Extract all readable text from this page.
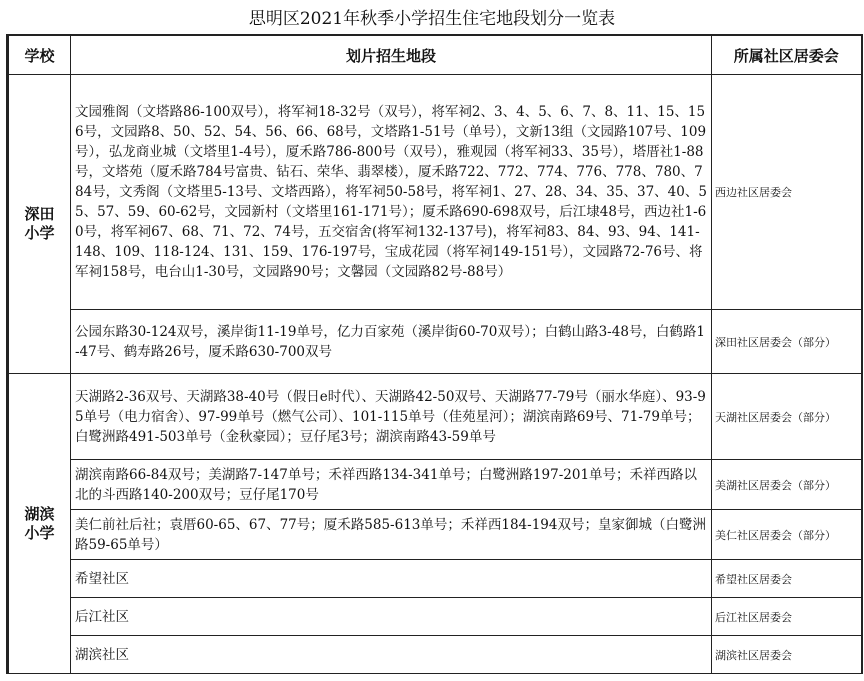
思明区2021年秋季小学招生住宅地段划分一览表
学校	划片招生地段	所属社区居委会
深田
小学	文园雅阁（文塔路86-100双号），将军祠18-32号（双号），将军祠2、3、4、5、6、7、8、11、15、156号，文园路8、50、52、54、56、66、68号，文塔路1-51号（单号），文新13组（文园路107号、109号），弘龙商业城（文塔里1-4号），厦禾路786-800号（双号），雅观园（将军祠33、35号），塔厝社1-88号，文塔苑（厦禾路784号富贵、钻石、荣华、翡翠楼），厦禾路722、772、774、776、778、780、784号，文秀阁（文塔里5-13号、文塔西路），将军祠50-58号，将军祠1、27、28、34、35、37、40、55、57、59、60-62号，文园新村（文塔里161-171号）；厦禾路690-698双号，后江埭48号，西边社1-60号，将军祠67、68、71、72、74号，五交宿舍(将军祠132-137号)，将军祠83、84、93、94、141-148、109、118-124、131、159、176-197号，宝成花园（将军祠149-151号），文园路72-76号、将军祠158号，电台山1-30号，文园路90号；文馨园（文园路82号-88号）	西边社区居委会
	公园东路30-124双号，溪岸街11-19单号，亿力百家苑（溪岸街60-70双号）；白鹤山路3-48号，白鹤路1-47号、鹤寿路26号，厦禾路630-700双号	深田社区居委会（部分）
湖滨
小学	天湖路2-36双号、天湖路38-40号（假日e时代）、天湖路42-50双号、天湖路77-79号（丽水华庭）、93-95单号（电力宿舍）、97-99单号（燃气公司）、101-115单号（佳苑星河）；湖滨南路69号、71-79单号；白鹭洲路491-503单号（金秋豪园）；豆仔尾3号；湖滨南路43-59单号	天湖社区居委会（部分）
	湖滨南路66-84双号；美湖路7-147单号；禾祥西路134-341单号；白鹭洲路197-201单号；禾祥西路以北的斗西路140-200双号；豆仔尾170号	美湖社区居委会（部分）
	美仁前社后社；袁厝60-65、67、77号；厦禾路585-613单号；禾祥西184-194双号；皇家御城（白鹭洲路59-65单号）	美仁社区居委会（部分）
	希望社区	希望社区居委会
	后江社区	后江社区居委会
	湖滨社区	湖滨社区居委会
